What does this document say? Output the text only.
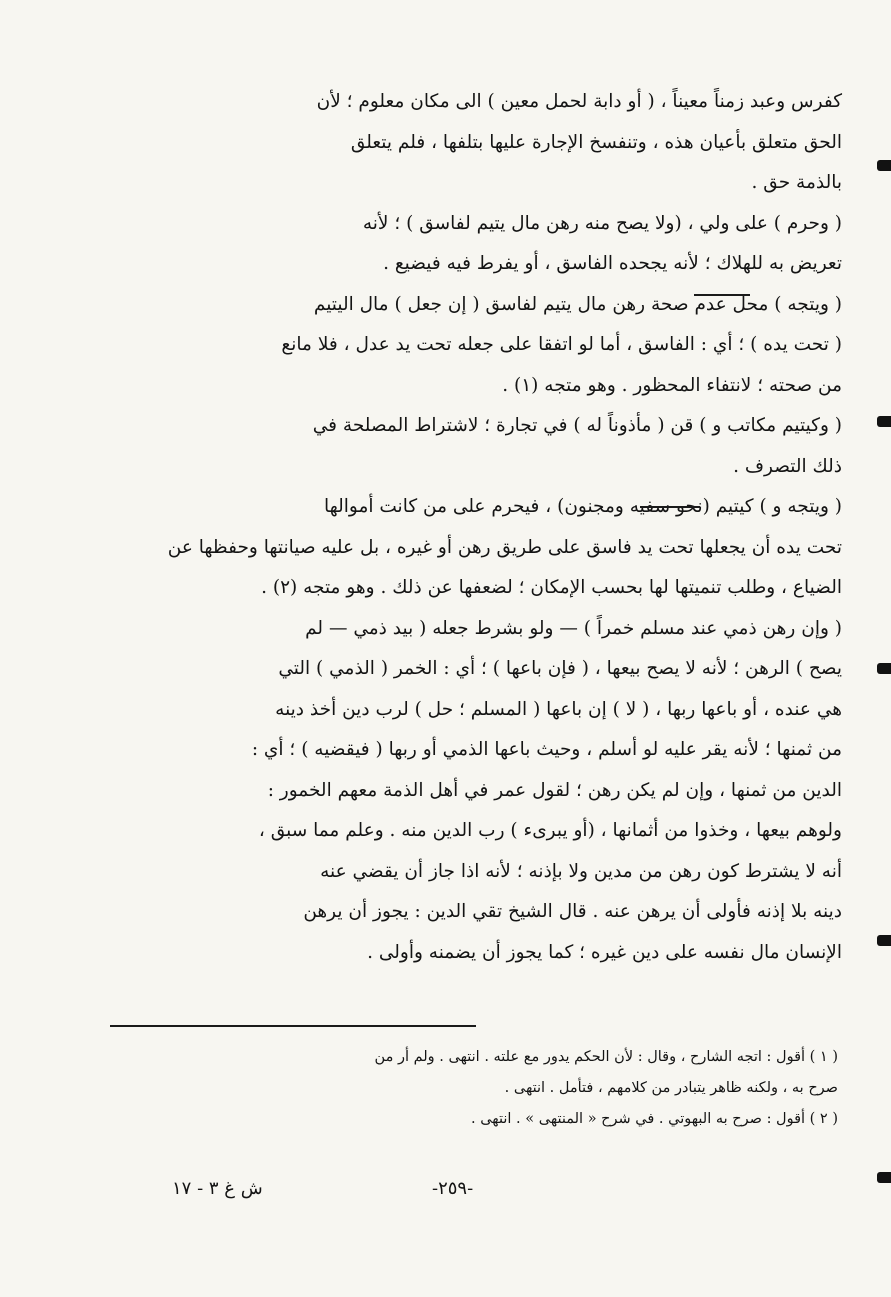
كفرس وعبد زمناً معيناً ، ( أو دابة لحمل معين ) الى مكان معلوم ؛ لأن

الحق متعلق بأعيان هذه ، وتنفسخ الإجارة عليها بتلفها ، فلم يتعلق

بالذمة حق .

( وحرم ) على ولي ، (ولا يصح منه رهن مال يتيم لفاسق ) ؛ لأنه

تعريض به للهلاك ؛ لأنه يجحده الفاسق ، أو يفرط فيه فيضيع .

( ويتجه ) محل عدم صحة رهن مال يتيم لفاسق ( إن جعل ) مال اليتيم

( تحت يده ) ؛ أي : الفاسق ، أما لو اتفقا على جعله تحت يد عدل ، فلا مانع

من صحته ؛ لانتفاء المحظور . وهو متجه (١) .

( وكيتيم مكاتب و ) قن ( مأذوناً له ) في تجارة ؛ لاشتراط المصلحة في

ذلك التصرف .

( ويتجه و ) كيتيم (نحو سفيه ومجنون) ، فيحرم على من كانت أموالها

تحت يده أن يجعلها تحت يد فاسق على طريق رهن أو غيره ، بل عليه صيانتها وحفظها عن

الضياع ، وطلب تنميتها لها بحسب الإمكان ؛ لضعفها عن ذلك . وهو متجه (٢) .

( وإن رهن ذمي عند مسلم خمراً ) — ولو بشرط جعله ( بيد ذمي — لم

يصح ) الرهن ؛ لأنه لا يصح بيعها ، ( فإن باعها ) ؛ أي : الخمر ( الذمي ) التي

هي عنده ، أو باعها ربها ، ( لا ) إن باعها ( المسلم ؛ حل ) لرب دين أخذ دينه

من ثمنها ؛ لأنه يقر عليه لو أسلم ، وحيث باعها الذمي أو ربها ( فيقضيه ) ؛ أي :

الدين من ثمنها ، وإن لم يكن رهن ؛ لقول عمر في أهل الذمة معهم الخمور :

ولوهم بيعها ، وخذوا من أثمانها ، (أو يبرىء ) رب الدين منه . وعلم مما سبق ،

أنه لا يشترط كون رهن من مدين ولا بإذنه ؛ لأنه اذا جاز أن يقضي عنه

دينه بلا إذنه فأولى أن يرهن عنه . قال الشيخ تقي الدين : يجوز أن يرهن

الإنسان مال نفسه على دين غيره ؛ كما يجوز أن يضمنه وأولى .

( ١ ) أقول : اتجه الشارح ، وقال : لأن الحكم يدور مع علته . انتهى . ولم أر من

صرح به ، ولكنه ظاهر يتبادر من كلامهم ، فتأمل . انتهى .

( ٢ ) أقول : صرح به البهوتي . في شرح « المنتهى » . انتهى .

ش غ ٣ - ١٧	-٢٥٩-
